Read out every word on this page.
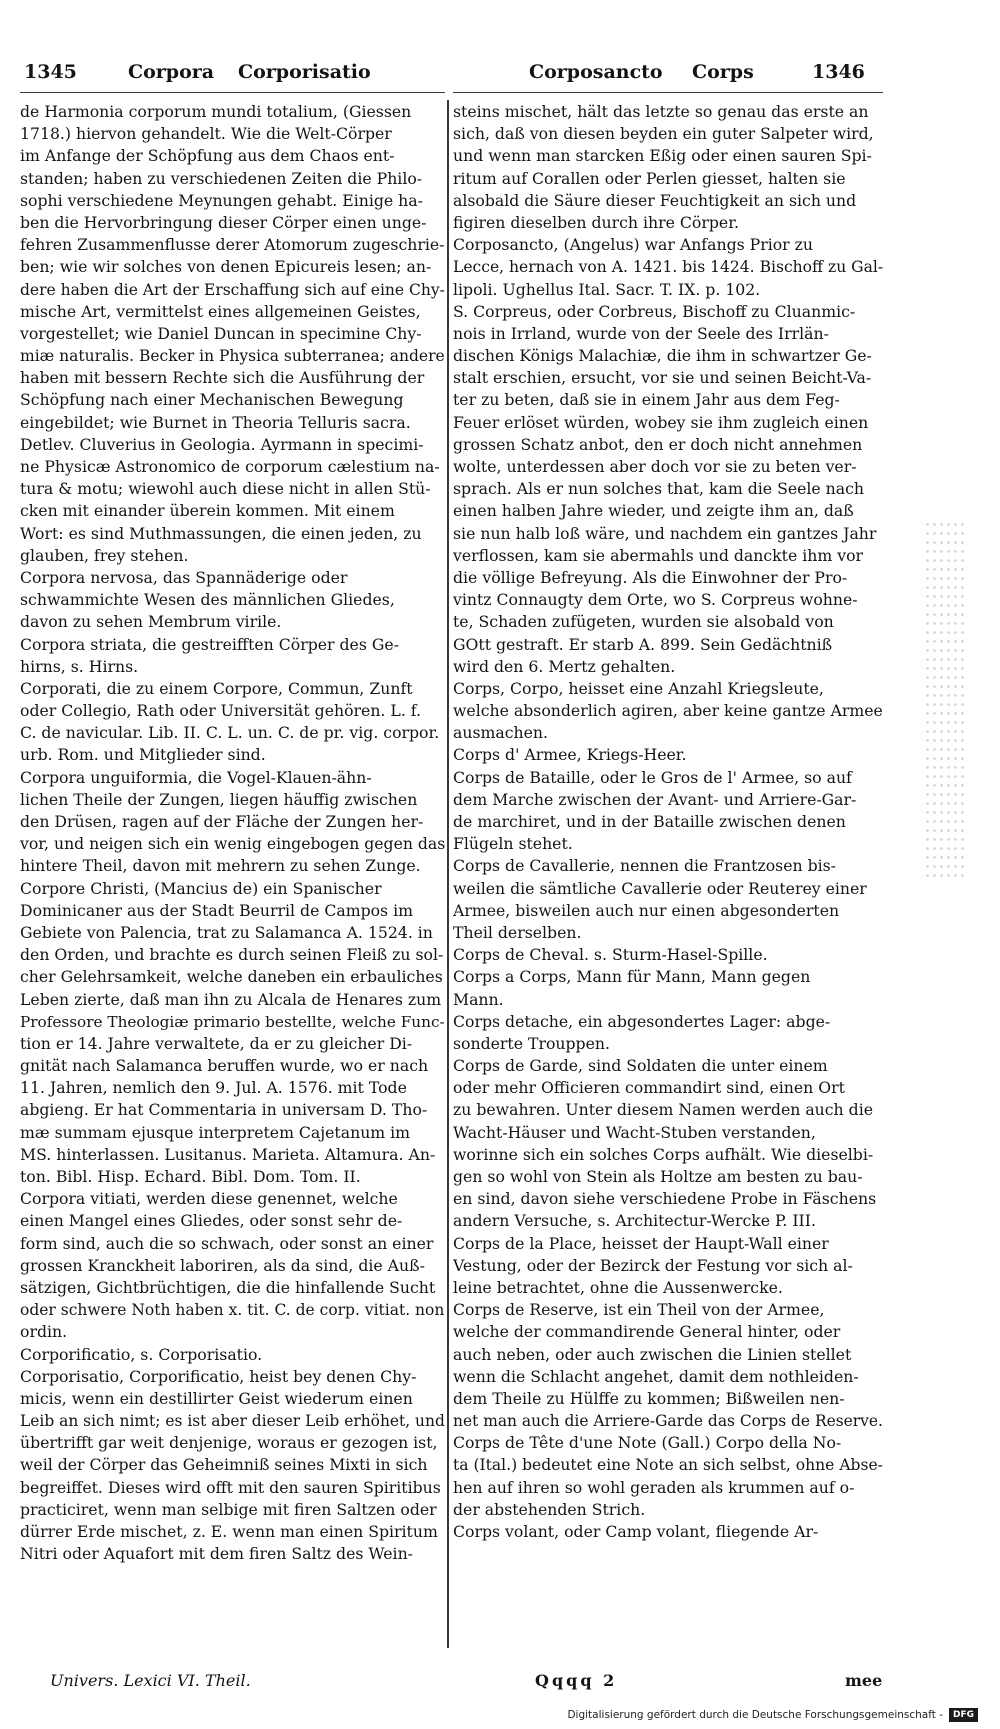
1345	Corpora Corporisatio	Corposancto Corps	1346
de Harmonia corporum mundi totalium, (Giessen
1718.) hiervon gehandelt. Wie die Welt-Cörper
im Anfange der Schöpfung aus dem Chaos ent-
standen; haben zu verschiedenen Zeiten die Philo-
sophi verschiedene Meynungen gehabt. Einige ha-
ben die Hervorbringung dieser Cörper einen unge-
fehren Zusammenflusse derer Atomorum zugeschrie-
ben; wie wir solches von denen Epicureis lesen; an-
dere haben die Art der Erschaffung sich auf eine Chy-
mische Art, vermittelst eines allgemeinen Geistes,
vorgestellet; wie Daniel Duncan in specimine Chy-
miæ naturalis. Becker in Physica subterranea; andere
haben mit bessern Rechte sich die Ausführung der
Schöpfung nach einer Mechanischen Bewegung
eingebildet; wie Burnet in Theoria Telluris sacra.
Detlev. Cluverius in Geologia. Ayrmann in specimi-
ne Physicæ Astronomico de corporum cælestium na-
tura & motu; wiewohl auch diese nicht in allen Stü-
cken mit einander überein kommen. Mit einem
Wort: es sind Muthmassungen, die einen jeden, zu
glauben, frey stehen.
Corpora nervosa, das Spannäderige oder
schwammichte Wesen des männlichen Gliedes,
davon zu sehen Membrum virile.
Corpora striata, die gestreifften Cörper des Ge-
hirns, s. Hirns.
Corporati, die zu einem Corpore, Commun, Zunft
oder Collegio, Rath oder Universität gehören. L. f.
C. de navicular. Lib. II. C. L. un. C. de pr. vig. corpor.
urb. Rom. und Mitglieder sind.
Corpora unguiformia, die Vogel-Klauen-ähn-
lichen Theile der Zungen, liegen häuffig zwischen
den Drüsen, ragen auf der Fläche der Zungen her-
vor, und neigen sich ein wenig eingebogen gegen das
hintere Theil, davon mit mehrern zu sehen Zunge.
Corpore Christi, (Mancius de) ein Spanischer
Dominicaner aus der Stadt Beurril de Campos im
Gebiete von Palencia, trat zu Salamanca A. 1524. in
den Orden, und brachte es durch seinen Fleiß zu sol-
cher Gelehrsamkeit, welche daneben ein erbauliches
Leben zierte, daß man ihn zu Alcala de Henares zum
Professore Theologiæ primario bestellte, welche Func-
tion er 14. Jahre verwaltete, da er zu gleicher Di-
gnität nach Salamanca beruffen wurde, wo er nach
11. Jahren, nemlich den 9. Jul. A. 1576. mit Tode
abgieng. Er hat Commentaria in universam D. Tho-
mæ summam ejusque interpretem Cajetanum im
MS. hinterlassen. Lusitanus. Marieta. Altamura. An-
ton. Bibl. Hisp. Echard. Bibl. Dom. Tom. II.
Corpora vitiati, werden diese genennet, welche
einen Mangel eines Gliedes, oder sonst sehr de-
form sind, auch die so schwach, oder sonst an einer
grossen Kranckheit laboriren, als da sind, die Auß-
sätzigen, Gichtbrüchtigen, die die hinfallende Sucht
oder schwere Noth haben x. tit. C. de corp. vitiat. non
ordin.
Corporificatio, s. Corporisatio.
Corporisatio, Corporificatio, heist bey denen Chy-
micis, wenn ein destillirter Geist wiederum einen
Leib an sich nimt; es ist aber dieser Leib erhöhet, und
übertrifft gar weit denjenige, woraus er gezogen ist,
weil der Cörper das Geheimniß seines Mixti in sich
begreiffet. Dieses wird offt mit den sauren Spiritibus
practiciret, wenn man selbige mit firen Saltzen oder
dürrer Erde mischet, z. E. wenn man einen Spiritum
Nitri oder Aquafort mit dem firen Saltz des Wein-
steins mischet, hält das letzte so genau das erste an
sich, daß von diesen beyden ein guter Salpeter wird,
und wenn man starcken Eßig oder einen sauren Spi-
ritum auf Corallen oder Perlen giesset, halten sie
alsobald die Säure dieser Feuchtigkeit an sich und
figiren dieselben durch ihre Cörper.
Corposancto, (Angelus) war Anfangs Prior zu
Lecce, hernach von A. 1421. bis 1424. Bischoff zu Gal-
lipoli. Ughellus Ital. Sacr. T. IX. p. 102.
S. Corpreus, oder Corbreus, Bischoff zu Cluanmic-
nois in Irrland, wurde von der Seele des Irrlän-
dischen Königs Malachiæ, die ihm in schwartzer Ge-
stalt erschien, ersucht, vor sie und seinen Beicht-Va-
ter zu beten, daß sie in einem Jahr aus dem Feg-
Feuer erlöset würden, wobey sie ihm zugleich einen
grossen Schatz anbot, den er doch nicht annehmen
wolte, unterdessen aber doch vor sie zu beten ver-
sprach. Als er nun solches that, kam die Seele nach
einen halben Jahre wieder, und zeigte ihm an, daß
sie nun halb loß wäre, und nachdem ein gantzes Jahr
verflossen, kam sie abermahls und danckte ihm vor
die völlige Befreyung. Als die Einwohner der Pro-
vintz Connaugty dem Orte, wo S. Corpreus wohne-
te, Schaden zufügeten, wurden sie alsobald von
GOtt gestraft. Er starb A. 899. Sein Gedächtniß
wird den 6. Mertz gehalten.
Corps, Corpo, heisset eine Anzahl Kriegsleute,
welche absonderlich agiren, aber keine gantze Armee
ausmachen.
Corps d' Armee, Kriegs-Heer.
Corps de Bataille, oder le Gros de l' Armee, so auf
dem Marche zwischen der Avant- und Arriere-Gar-
de marchiret, und in der Bataille zwischen denen
Flügeln stehet.
Corps de Cavallerie, nennen die Frantzosen bis-
weilen die sämtliche Cavallerie oder Reuterey einer
Armee, bisweilen auch nur einen abgesonderten
Theil derselben.
Corps de Cheval. s. Sturm-Hasel-Spille.
Corps a Corps, Mann für Mann, Mann gegen
Mann.
Corps detache, ein abgesondertes Lager: abge-
sonderte Trouppen.
Corps de Garde, sind Soldaten die unter einem
oder mehr Officieren commandirt sind, einen Ort
zu bewahren. Unter diesem Namen werden auch die
Wacht-Häuser und Wacht-Stuben verstanden,
worinne sich ein solches Corps aufhält. Wie dieselbi-
gen so wohl von Stein als Holtze am besten zu bau-
en sind, davon siehe verschiedene Probe in Fäschens
andern Versuche, s. Architectur-Wercke P. III.
Corps de la Place, heisset der Haupt-Wall einer
Vestung, oder der Bezirck der Festung vor sich al-
leine betrachtet, ohne die Aussenwercke.
Corps de Reserve, ist ein Theil von der Armee,
welche der commandirende General hinter, oder
auch neben, oder auch zwischen die Linien stellet
wenn die Schlacht angehet, damit dem nothleiden-
dem Theile zu Hülffe zu kommen; Bißweilen nen-
net man auch die Arriere-Garde das Corps de Reserve.
Corps de Tête d'une Note (Gall.) Corpo della No-
ta (Ital.) bedeutet eine Note an sich selbst, ohne Abse-
hen auf ihren so wohl geraden als krummen auf o-
der abstehenden Strich.
Corps volant, oder Camp volant, fliegende Ar-
Univers. Lexici VI. Theil.	Qqqq 2	mee
Digitalisierung gefördert durch die Deutsche Forschungsgemeinschaft - DFG
